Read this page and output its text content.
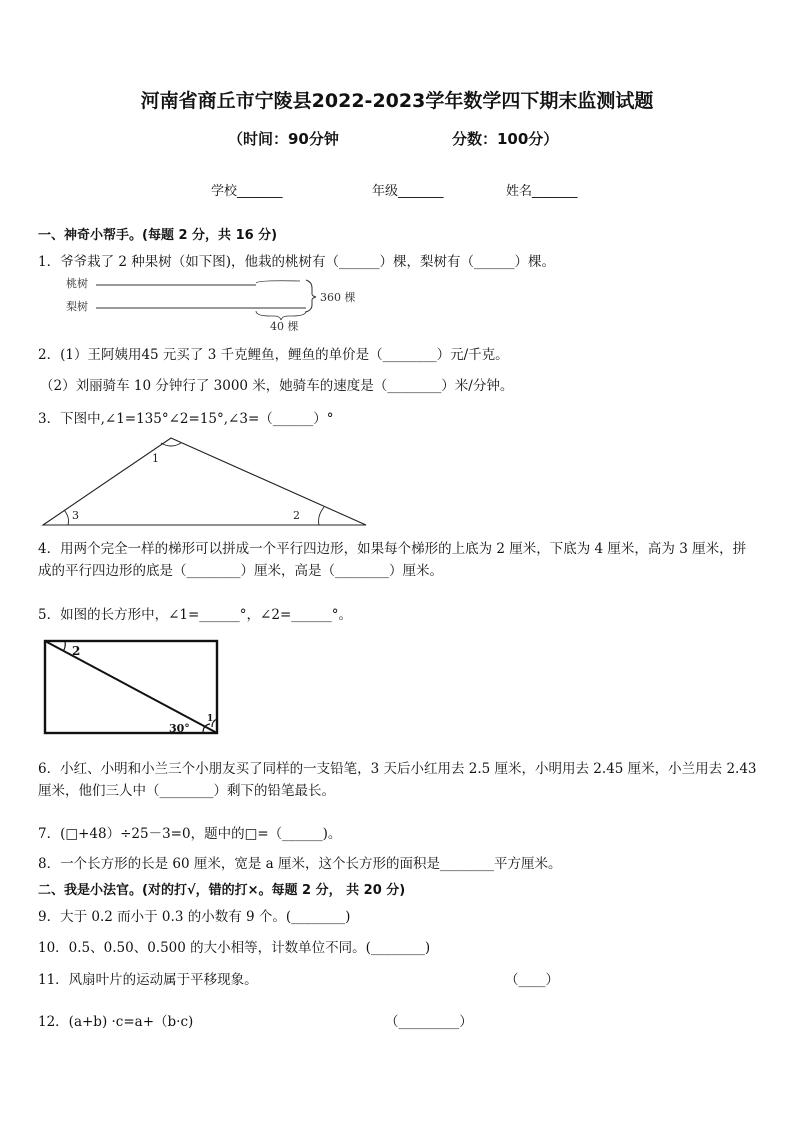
河南省商丘市宁陵县2022-2023学年数学四下期末监测试题
（时间：90分钟	分数：100分）
学校_______	年级_______	姓名_______
一、神奇小帮手。(每题 2 分，共 16 分)
1．爷爷栽了 2 种果树（如下图)，他栽的桃树有（______）棵，梨树有（______）棵。
桃树
梨树
360 棵
40 棵
2．(1）王阿姨用45 元买了 3 千克鲤鱼，鲤鱼的单价是（________）元/千克。
（2）刘丽骑车 10 分钟行了 3000 米，她骑车的速度是（________）米/分钟。
3．下图中,∠1=135°∠2=15°,∠3=（______）°
1
2
3
4．用两个完全一样的梯形可以拼成一个平行四边形，如果每个梯形的上底为 2 厘米，下底为 4 厘米，高为 3 厘米，拼成的平行四边形的底是（________）厘米，高是（________）厘米。
5．如图的长方形中，∠1=______°，∠2=______°。
2
1
30°
6．小红、小明和小兰三个小朋友买了同样的一支铅笔，3 天后小红用去 2.5 厘米，小明用去 2.45 厘米，小兰用去 2.43 厘米，他们三人中（________）剩下的铅笔最长。
7．(□+48）÷25－3=0，题中的□=（______)。
8．一个长方形的长是 60 厘米，宽是 a 厘米，这个长方形的面积是________平方厘米。
二、我是小法官。(对的打√，错的打×。每题 2 分， 共 20 分)
9．大于 0.2 而小于 0.3 的小数有 9 个。(________)
10．0.5、0.50、0.500 的大小相等，计数单位不同。(________)
11．风扇叶片的运动属于平移现象。	（____）
12．(a+b) ·c=a+（b·c)	（_________）
